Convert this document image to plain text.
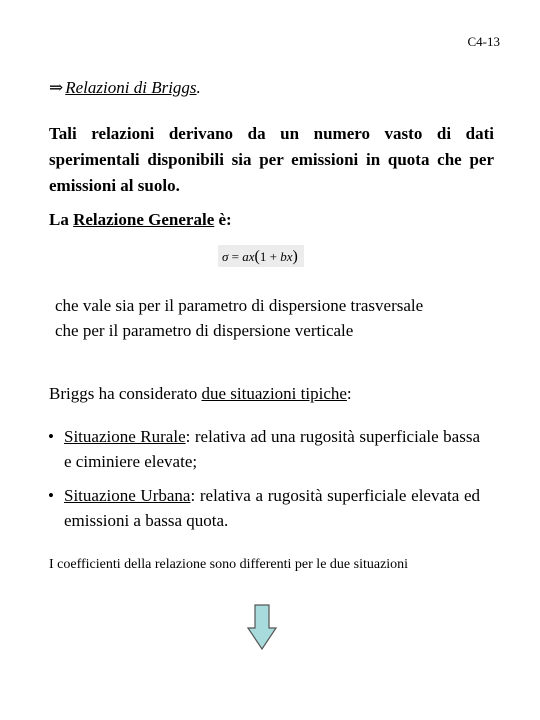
C4-13
⇒ Relazioni di Briggs.
Tali relazioni derivano da un numero vasto di dati sperimentali disponibili sia per emissioni in quota che per emissioni al suolo.
La Relazione Generale è:
σ = ax(1 + bx)
che vale sia per il parametro di dispersione trasversale
che per il parametro di dispersione verticale
Briggs ha considerato due situazioni tipiche:
• Situazione Rurale: relativa ad una rugosità superficiale bassa e ciminiere elevate;
• Situazione Urbana: relativa a rugosità superficiale elevata ed emissioni a bassa quota.
I coefficienti della relazione sono differenti per le due situazioni
